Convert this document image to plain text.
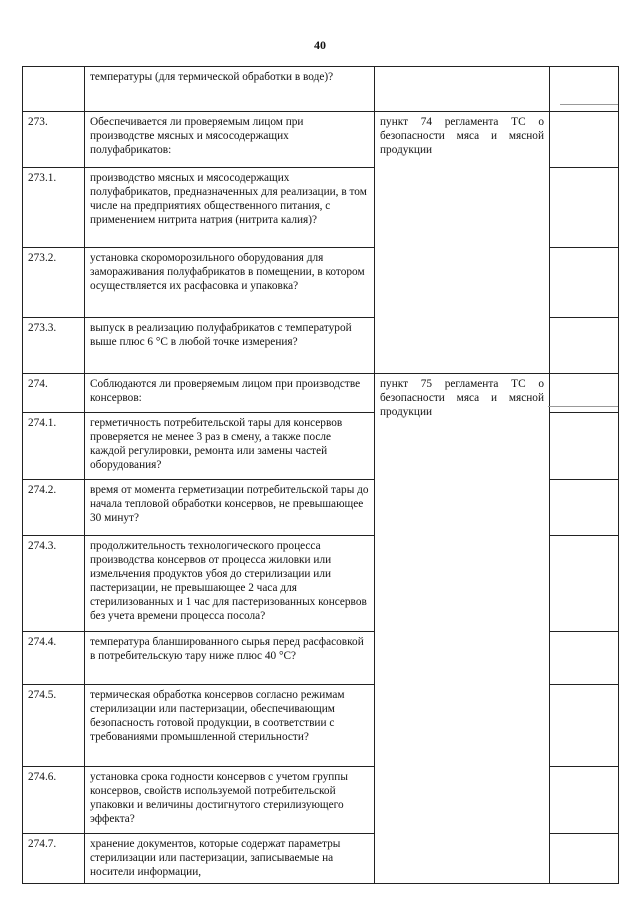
40
	температуры (для термической обработки в воде)?		
273.	Обеспечивается ли проверяемым лицом при производстве мясных и мясосодержащих полуфабрикатов:	пункт 74 регламента ТС о безопасности мяса и мясной продукции	
273.1.	производство мясных и мясосодержащих полуфабрикатов, предназначенных для реализации, в том числе на предприятиях общественного питания, с применением нитрита натрия (нитрита калия)?		
273.2.	установка скороморозильного оборудования для замораживания полуфабрикатов в помещении, в котором осуществляется их расфасовка и упаковка?		
273.3.	выпуск в реализацию полуфабрикатов с температурой выше плюс 6 °С в любой точке измерения?		
274.	Соблюдаются ли проверяемым лицом при производстве консервов:	пункт 75 регламента ТС о безопасности мяса и мясной продукции	
274.1.	герметичность потребительской тары для консервов проверяется не менее 3 раз в смену, а также после каждой регулировки, ремонта или замены частей оборудования?		
274.2.	время от момента герметизации потребительской тары до начала тепловой обработки консервов, не превышающее 30 минут?		
274.3.	продолжительность технологического процесса производства консервов от процесса жиловки или измельчения продуктов убоя до стерилизации или пастеризации, не превышающее 2 часа для стерилизованных и 1 час для пастеризованных консервов без учета времени процесса посола?		
274.4.	температура бланшированного сырья перед расфасовкой в потребительскую тару ниже плюс 40 °С?		
274.5.	термическая обработка консервов согласно режимам стерилизации или пастеризации, обеспечивающим безопасность готовой продукции, в соответствии с требованиями промышленной стерильности?		
274.6.	установка срока годности консервов с учетом группы консервов, свойств используемой потребительской упаковки и величины достигнутого стерилизующего эффекта?		
274.7.	хранение документов, которые содержат параметры стерилизации или пастеризации, записываемые на носители информации,		
